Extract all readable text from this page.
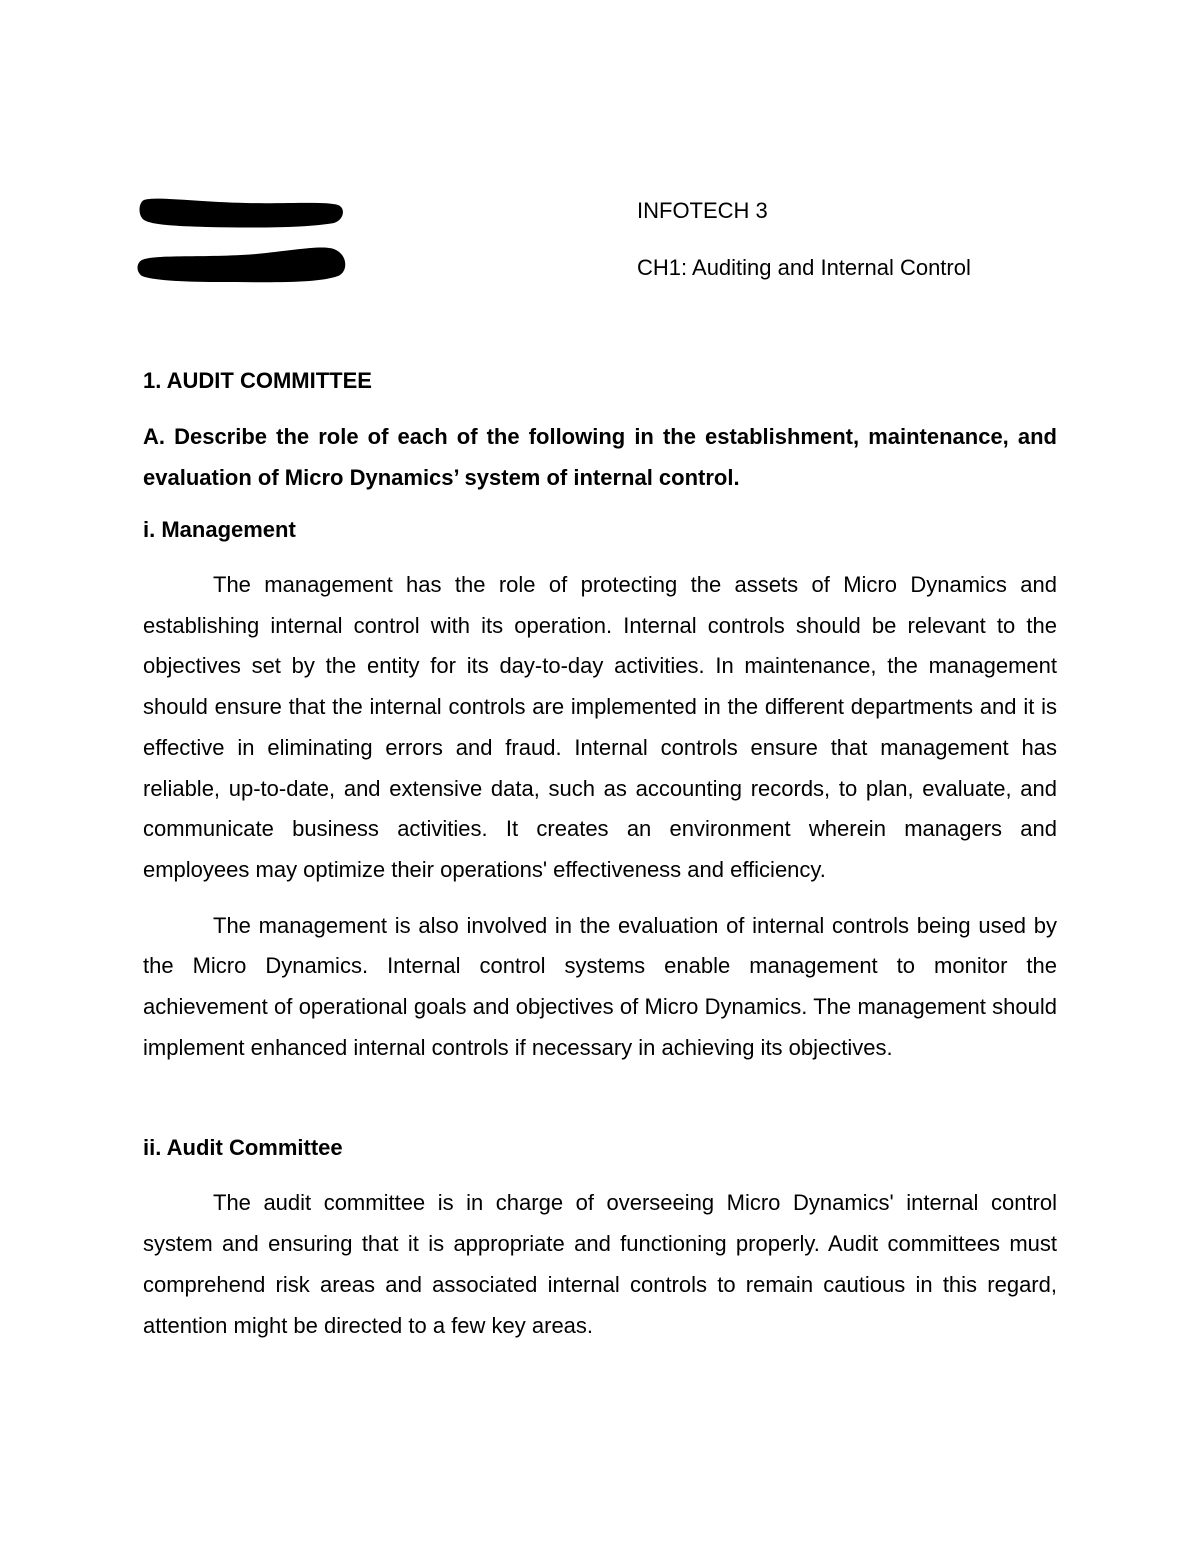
INFOTECH 3
CH1: Auditing and Internal Control
1. AUDIT COMMITTEE
A. Describe the role of each of the following in the establishment, maintenance, and evaluation of Micro Dynamics’ system of internal control.
i. Management

The management has the role of protecting the assets of Micro Dynamics and establishing internal control with its operation. Internal controls should be relevant to the objectives set by the entity for its day-to-day activities. In maintenance, the management should ensure that the internal controls are implemented in the different departments and it is effective in eliminating errors and fraud. Internal controls ensure that management has reliable, up-to-date, and extensive data, such as accounting records, to plan, evaluate, and communicate business activities. It creates an environment wherein managers and employees may optimize their operations' effectiveness and efficiency.

The management is also involved in the evaluation of internal controls being used by the Micro Dynamics. Internal control systems enable management to monitor the achievement of operational goals and objectives of Micro Dynamics. The management should implement enhanced internal controls if necessary in achieving its objectives.

ii. Audit Committee

The audit committee is in charge of overseeing Micro Dynamics' internal control system and ensuring that it is appropriate and functioning properly. Audit committees must comprehend risk areas and associated internal controls to remain cautious in this regard, attention might be directed to a few key areas.
